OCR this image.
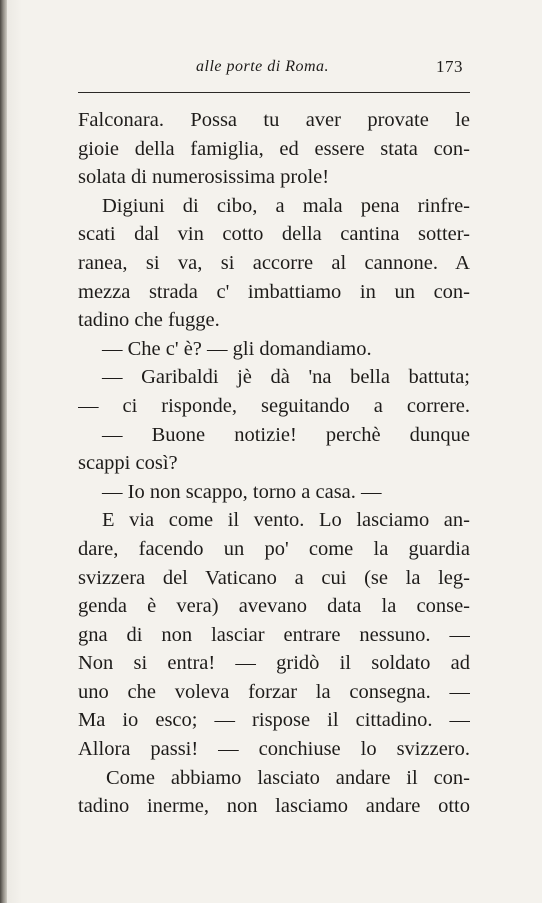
alle porte di Roma.	173
Falconara. Possa tu aver provate le
gioie della famiglia, ed essere stata con-
solata di numerosissima prole!
Digiuni di cibo, a mala pena rinfre-
scati dal vin cotto della cantina sotter-
ranea, si va, si accorre al cannone. A
mezza strada c' imbattiamo in un con-
tadino che fugge.
— Che c' è? — gli domandiamo.
— Garibaldi jè dà 'na bella battuta;
— ci risponde, seguitando a correre.
— Buone notizie! perchè dunque
scappi così?
— Io non scappo, torno a casa. —
E via come il vento. Lo lasciamo an-
dare, facendo un po' come la guardia
svizzera del Vaticano a cui (se la leg-
genda è vera) avevano data la conse-
gna di non lasciar entrare nessuno. —
Non si entra! — gridò il soldato ad
uno che voleva forzar la consegna. —
Ma io esco; — rispose il cittadino. —
Allora passi! — conchiuse lo svizzero.
Come abbiamo lasciato andare il con-
tadino inerme, non lasciamo andare otto
